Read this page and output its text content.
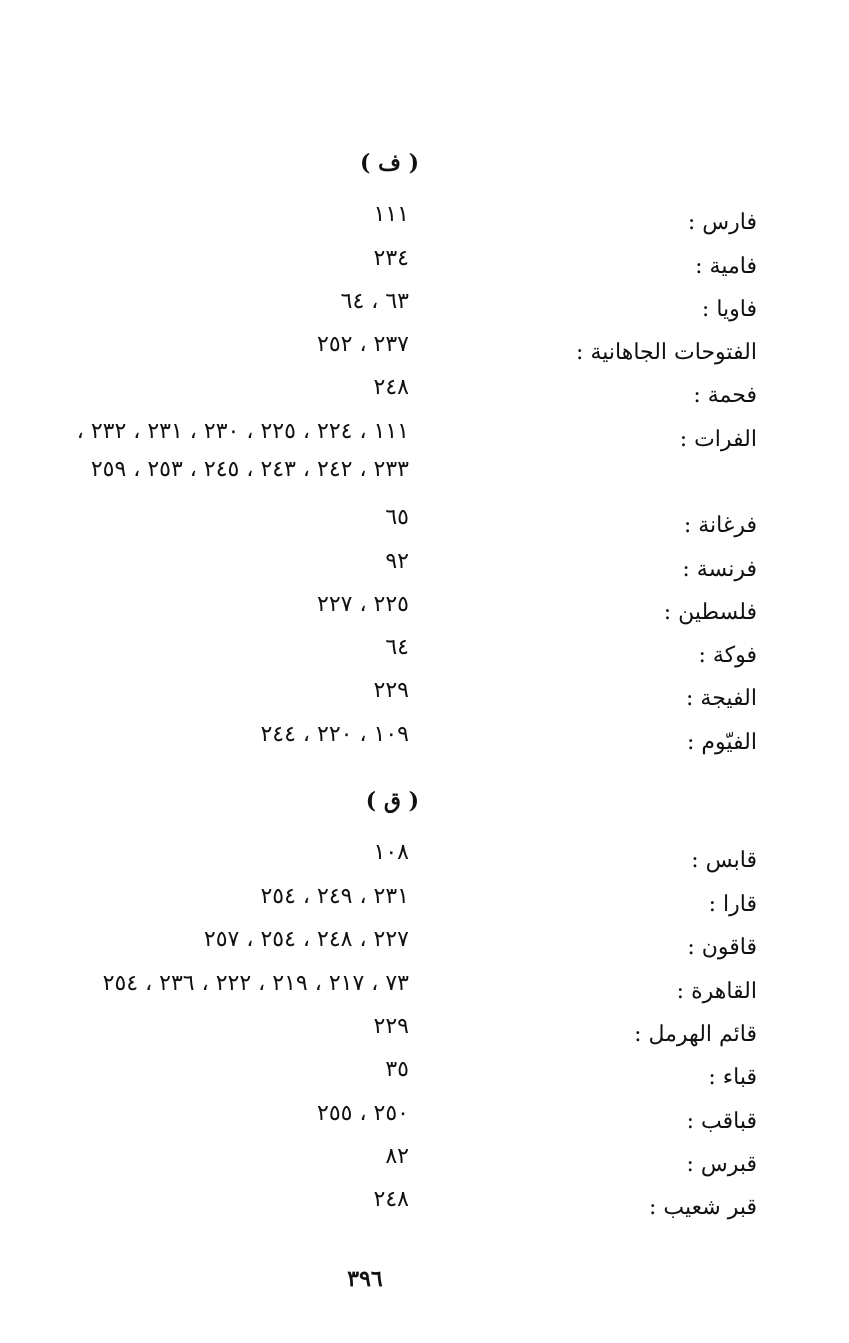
( ف )
فارس :
١١١
فامية :
٢٣٤
فاويا :
٦٣ ، ٦٤
الفتوحات الجاهانية :
٢٣٧ ، ٢٥٢
فحمة :
٢٤٨
الفرات :
١١١ ، ٢٢٤ ، ٢٢٥ ، ٢٣٠ ، ٢٣١ ، ٢٣٢ ،
٢٣٣ ، ٢٤٢ ، ٢٤٣ ، ٢٤٥ ، ٢٥٣ ، ٢٥٩
فرغانة :
٦٥
فرنسة :
٩٢
فلسطين :
٢٢٥ ، ٢٢٧
فوكة :
٦٤
الفيجة :
٢٢٩
الفيّوم :
١٠٩ ، ٢٢٠ ، ٢٤٤
( ق )
قابس :
١٠٨
قارا :
٢٣١ ، ٢٤٩ ، ٢٥٤
قاقون :
٢٢٧ ، ٢٤٨ ، ٢٥٤ ، ٢٥٧
القاهرة :
٧٣ ، ٢١٧ ، ٢١٩ ، ٢٢٢ ، ٢٣٦ ، ٢٥٤
قائم الهرمل :
٢٢٩
قباء :
٣٥
قباقب :
٢٥٠ ، ٢٥٥
قبرس :
٨٢
قبر شعيب :
٢٤٨
٣٩٦
